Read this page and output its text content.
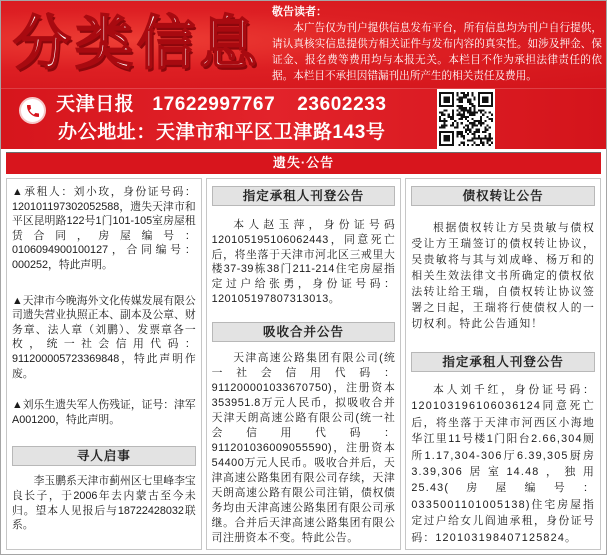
分类信息 敬告读者：
本广告仅为刊户提供信息发布平台，所有信息均为刊户自行提供，请认真核实信息提供方相关证件与发布内容的真实性。如涉及押金、保证金、报名费等费用均与本报无关。本栏目不作为承担法律责任的依据。本栏目不承担因错漏刊出所产生的相关责任及费用。
天津日报 17622997767 23602233
办公地址：天津市和平区卫津路143号
遗失·公告

▲承租人：刘小玫，身份证号码：120101197302052588，遗失天津市和平区昆明路122号1门101-105室房屋租赁合同，房屋编号：0106094900100127，合同编号：000252，特此声明。

▲天津市今晚海外文化传媒发展有限公司遗失营业执照正本、副本及公章、财务章、法人章（刘鹏）、发票章各一枚，统一社会信用代码：911200005723369848，特此声明作废。

▲刘乐生遗失军人伤残证，证号：津军A001200，特此声明。

寻人启事

李玉鹏系天津市蓟州区七里峰李宝良长子，于2006年去内蒙古至今未归。望本人见报后与18722428032联系。

指定承租人刊登公告

本人赵玉萍，身份证号码120105195106062443，同意死亡后，将坐落于天津市河北区三戒里大楼37-39栋38门211-214住宅房屋指定过户给张勇，身份证号码：120105197807313013。

吸收合并公告

天津高速公路集团有限公司(统一社会信用代码：911200001033670750)，注册资本353951.8万元人民币，拟吸收合并天津天朗高速公路有限公司(统一社会信用代码：911201036009055590)，注册资本54400万元人民币。吸收合并后，天津高速公路集团有限公司存续，天津天朗高速公路有限公司注销，债权债务均由天津高速公路集团有限公司承继。合并后天津高速公路集团有限公司注册资本不变。特此公告。

债权转让公告

根据债权转让方吴贵敏与债权受让方王瑞签订的债权转让协议，吴贵敏将与其与刘成峰、杨万和的相关生效法律文书所确定的债权依法转让给王瑞，自债权转让协议签署之日起，王瑞将行使债权人的一切权利。特此公告通知！

指定承租人刊登公告

本人刘千红，身份证号码：120103196106036124同意死亡后，将坐落于天津市河西区小海地华江里11号楼1门阳台2.66,304厕所1.17,304-306厅6.39,305厨房3.39,306居室14.48，独用25.43(房屋编号：0335001101005138)住宅房屋指定过户给女儿阎迪承租，身份证号码：120103198407125824。
